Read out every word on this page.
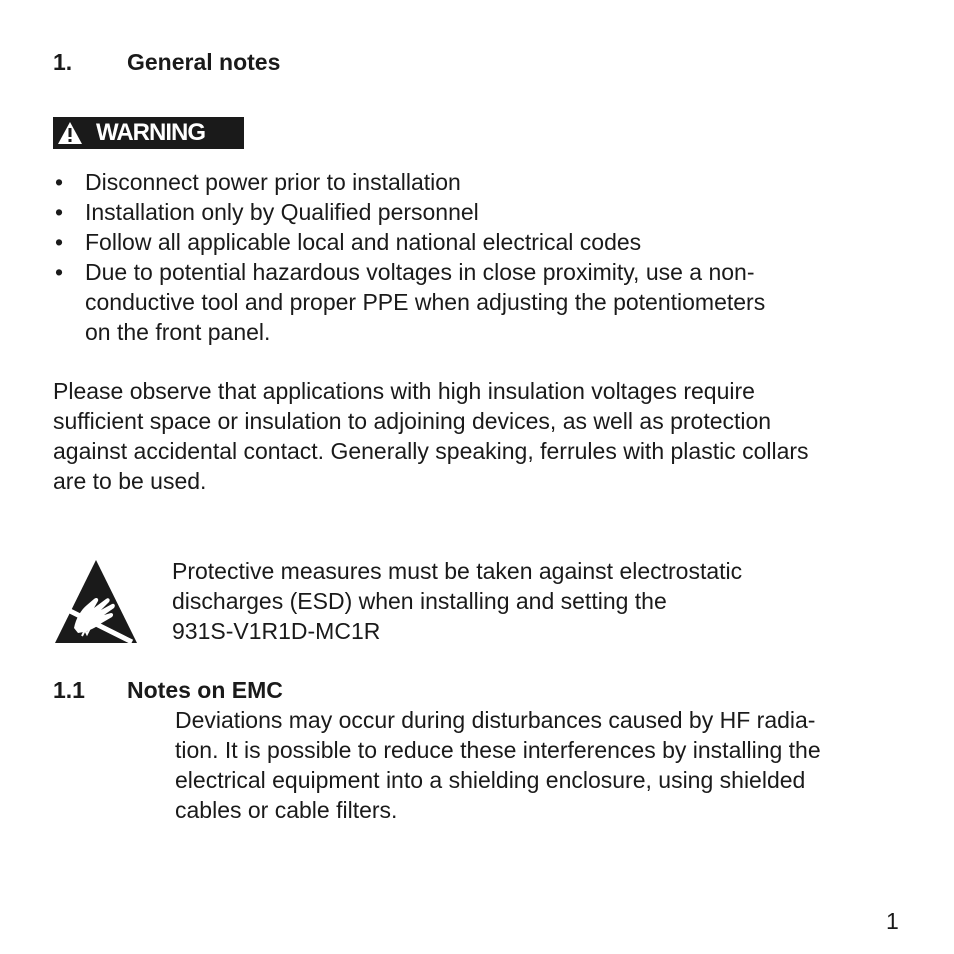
1. General notes
WARNING
• Disconnect power prior to installation
• Installation only by Qualified personnel
• Follow all applicable local and national electrical codes
• Due to potential hazardous voltages in close proximity, use a non-
conductive tool and proper PPE when adjusting the potentiometers
on the front panel.
Please observe that applications with high insulation voltages require
sufficient space or insulation to adjoining devices, as well as protection
against accidental contact. Generally speaking, ferrules with plastic collars
are to be used.
Protective measures must be taken against electrostatic
discharges (ESD) when installing and setting the
931S-V1R1D-MC1R
1.1 Notes on EMC
Deviations may occur during disturbances caused by HF radia-
tion. It is possible to reduce these interferences by installing the
electrical equipment into a shielding enclosure, using shielded
cables or cable filters.
1
